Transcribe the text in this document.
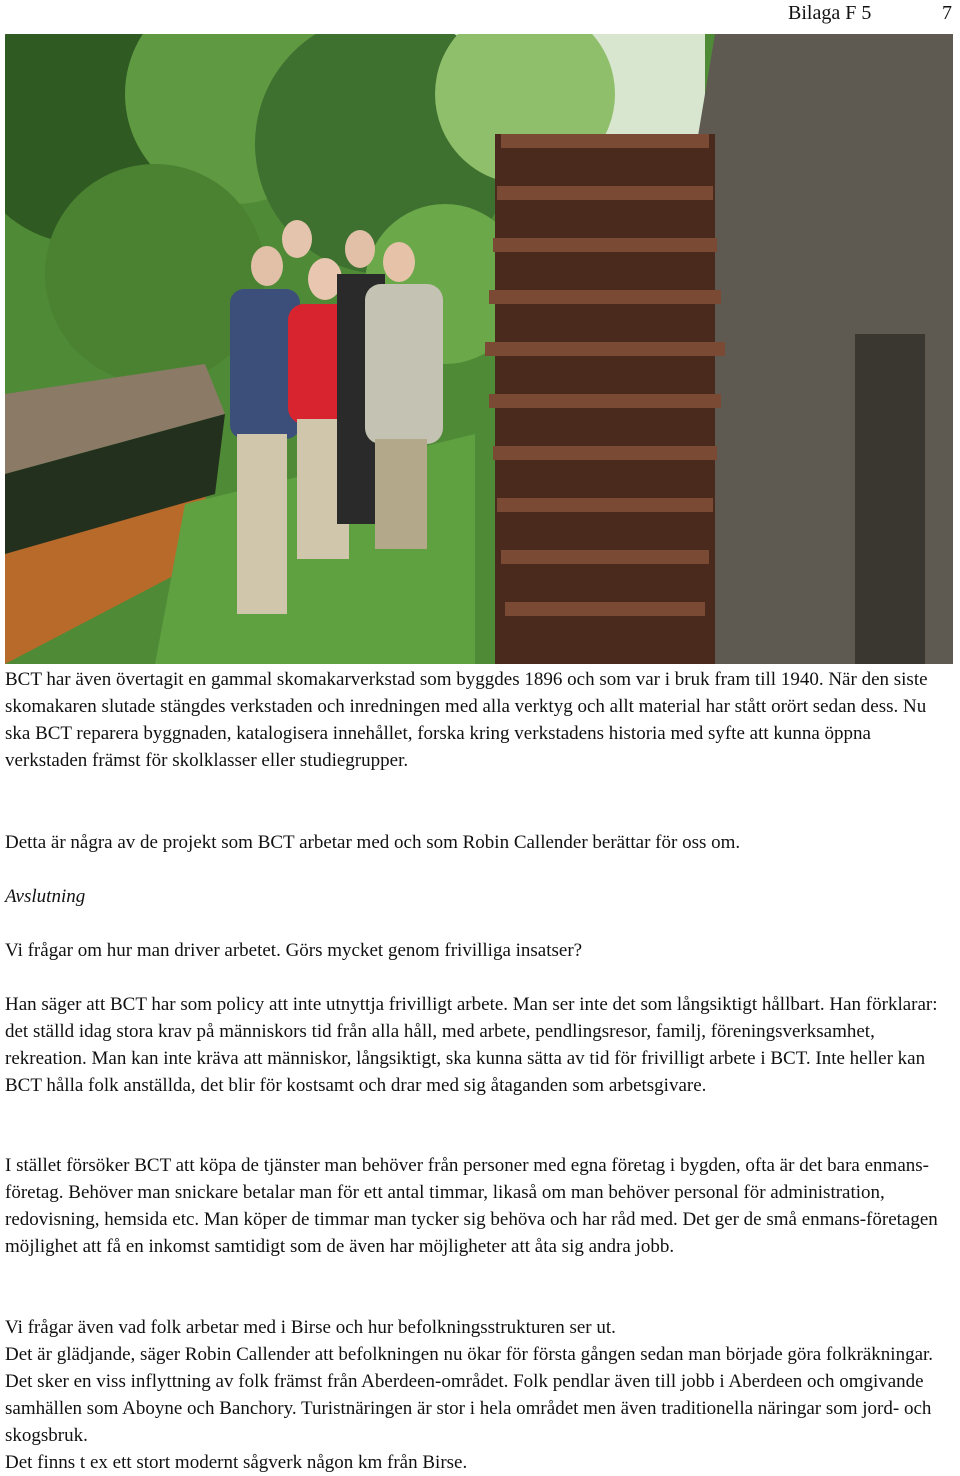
Bilaga F 5	7

BCT har även övertagit en gammal skomakarverkstad som byggdes 1896 och som var i bruk fram till 1940. När den siste skomakaren slutade stängdes verkstaden och inredningen med alla verktyg och allt material har stått orört sedan dess. Nu ska BCT reparera byggnaden, katalogisera innehållet, forska kring verkstadens historia med syfte att kunna öppna verkstaden främst för skolklasser eller studiegrupper.

Detta är några av de projekt som BCT arbetar med och som Robin Callender berättar för oss om.

Avslutning

Vi frågar om hur man driver arbetet. Görs mycket genom frivilliga insatser?

Han säger att BCT har som policy att inte utnyttja frivilligt arbete. Man ser inte det som långsiktigt hållbart. Han förklarar: det ställd idag stora krav på människors tid från alla håll, med arbete, pendlingsresor, familj, föreningsverksamhet, rekreation. Man kan inte kräva att människor, långsiktigt, ska kunna sätta av tid för frivilligt arbete i BCT. Inte heller kan BCT hålla folk anställda, det blir för kostsamt och drar med sig åtaganden som arbetsgivare.

I stället försöker BCT att köpa de tjänster man behöver från personer med egna företag i bygden, ofta är det bara enmans-företag. Behöver man snickare betalar man för ett antal timmar, likaså om man behöver personal för administration, redovisning, hemsida etc. Man köper de timmar man tycker sig behöva och har råd med. Det ger de små enmans-företagen möjlighet att få en inkomst samtidigt som de även har möjligheter att åta sig andra jobb.

Vi frågar även vad folk arbetar med i Birse och hur befolkningsstrukturen ser ut.

Det är glädjande, säger Robin Callender att befolkningen nu ökar för första gången sedan man började göra folkräkningar. Det sker en viss inflyttning av folk främst från Aberdeen-området. Folk pendlar även till jobb i Aberdeen och omgivande samhällen som Aboyne och Banchory. Turistnäringen är stor i hela området men även traditionella näringar som jord- och skogsbruk.

Det finns t ex ett stort modernt sågverk någon km från Birse.
